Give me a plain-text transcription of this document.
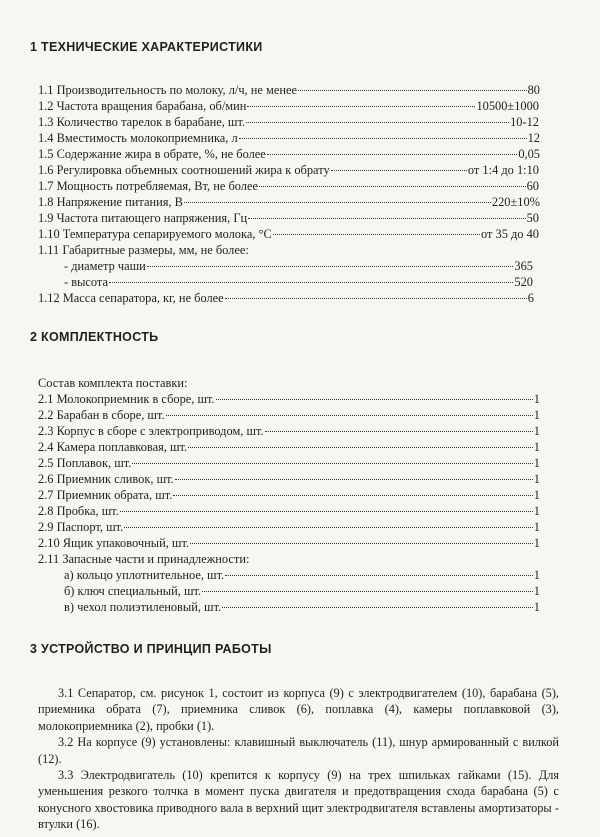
1 ТЕХНИЧЕСКИЕ ХАРАКТЕРИСТИКИ
1.1 Производительность по молоку, л/ч, не менее	80
1.2 Частота вращения барабана, об/мин	10500±1000
1.3 Количество тарелок в барабане, шт.	10-12
1.4 Вместимость молокоприемника, л	12
1.5 Содержание жира в обрате, %, не более	0,05
1.6 Регулировка объемных соотношений жира к обрату	от 1:4 до 1:10
1.7 Мощность потребляемая, Вт, не более	60
1.8 Напряжение питания, В	220±10%
1.9 Частота питающего напряжения, Гц	50
1.10 Температура сепарируемого молока, °С	от 35 до 40
1.11 Габаритные размеры, мм, не более:
- диаметр чаши	365
- высота	520
1.12 Масса сепаратора, кг, не более	6
2 КОМПЛЕКТНОСТЬ
Состав комплекта поставки:
2.1 Молокоприемник в сборе, шт.	1
2.2 Барабан в сборе, шт.	1
2.3 Корпус в сборе с электроприводом, шт.	1
2.4 Камера поплавковая, шт.	1
2.5 Поплавок, шт.	1
2.6 Приемник сливок, шт.	1
2.7 Приемник обрата, шт.	1
2.8 Пробка, шт.	1
2.9 Паспорт, шт.	1
2.10 Ящик упаковочный, шт.	1
2.11 Запасные части и принадлежности:
а) кольцо уплотнительное, шт.	1
б) ключ специальный, шт.	1
в) чехол полиэтиленовый, шт.	1
3 УСТРОЙСТВО И ПРИНЦИП РАБОТЫ

3.1 Сепаратор, см. рисунок 1, состоит из корпуса (9) с электродвигателем (10), барабана (5), приемника обрата (7), приемника сливок (6), поплавка (4), камеры поплавковой (3), молокоприемника (2), пробки (1).

3.2 На корпусе (9) установлены: клавишный выключатель (11), шнур армированный с вилкой (12).

3.3 Электродвигатель (10) крепится к корпусу (9) на трех шпильках гайками (15). Для уменьшения резкого толчка в момент пуска двигателя и предотвращения схода барабана (5) с конусного хвостовика приводного вала в верхний щит электродвигателя вставлены амортизаторы - втулки (16).
